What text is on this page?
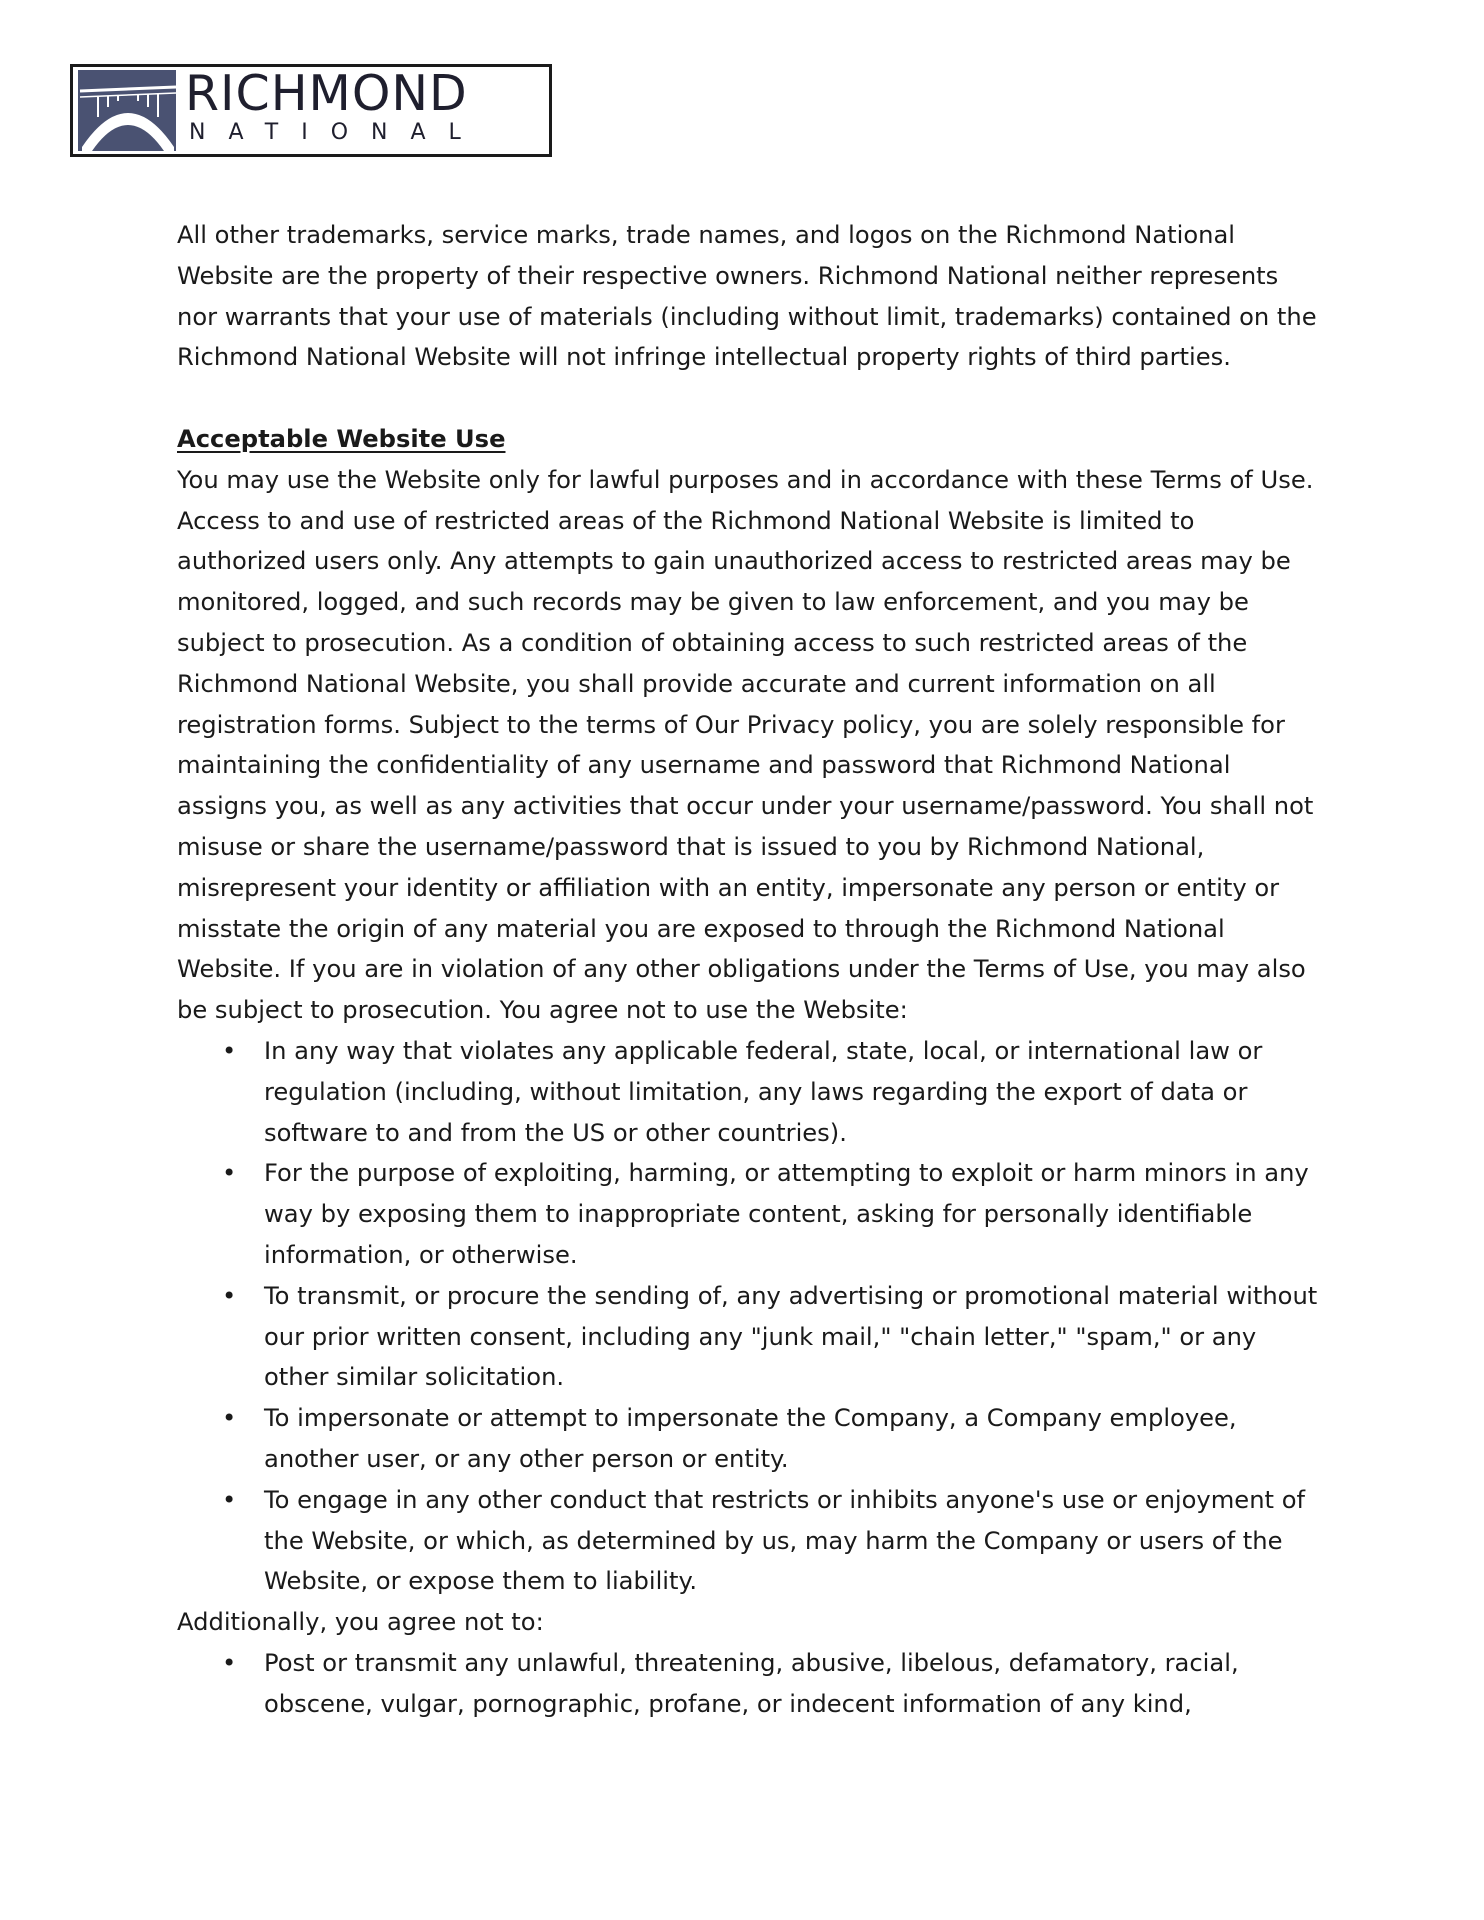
RICHMOND
NATIONAL

All other trademarks, service marks, trade names, and logos on the Richmond National Website are the property of their respective owners. Richmond National neither represents nor warrants that your use of materials (including without limit, trademarks) contained on the Richmond National Website will not infringe intellectual property rights of third parties.

Acceptable Website Use

You may use the Website only for lawful purposes and in accordance with these Terms of Use. Access to and use of restricted areas of the Richmond National Website is limited to authorized users only. Any attempts to gain unauthorized access to restricted areas may be monitored, logged, and such records may be given to law enforcement, and you may be subject to prosecution. As a condition of obtaining access to such restricted areas of the Richmond National Website, you shall provide accurate and current information on all registration forms. Subject to the terms of Our Privacy policy, you are solely responsible for maintaining the confidentiality of any username and password that Richmond National assigns you, as well as any activities that occur under your username/password. You shall not misuse or share the username/password that is issued to you by Richmond National, misrepresent your identity or affiliation with an entity, impersonate any person or entity or misstate the origin of any material you are exposed to through the Richmond National Website. If you are in violation of any other obligations under the Terms of Use, you may also be subject to prosecution. You agree not to use the Website:

• In any way that violates any applicable federal, state, local, or international law or regulation (including, without limitation, any laws regarding the export of data or software to and from the US or other countries).
• For the purpose of exploiting, harming, or attempting to exploit or harm minors in any way by exposing them to inappropriate content, asking for personally identifiable information, or otherwise.
• To transmit, or procure the sending of, any advertising or promotional material without our prior written consent, including any "junk mail," "chain letter," "spam," or any other similar solicitation.
• To impersonate or attempt to impersonate the Company, a Company employee, another user, or any other person or entity.
• To engage in any other conduct that restricts or inhibits anyone's use or enjoyment of the Website, or which, as determined by us, may harm the Company or users of the Website, or expose them to liability.

Additionally, you agree not to:

• Post or transmit any unlawful, threatening, abusive, libelous, defamatory, racial, obscene, vulgar, pornographic, profane, or indecent information of any kind,
